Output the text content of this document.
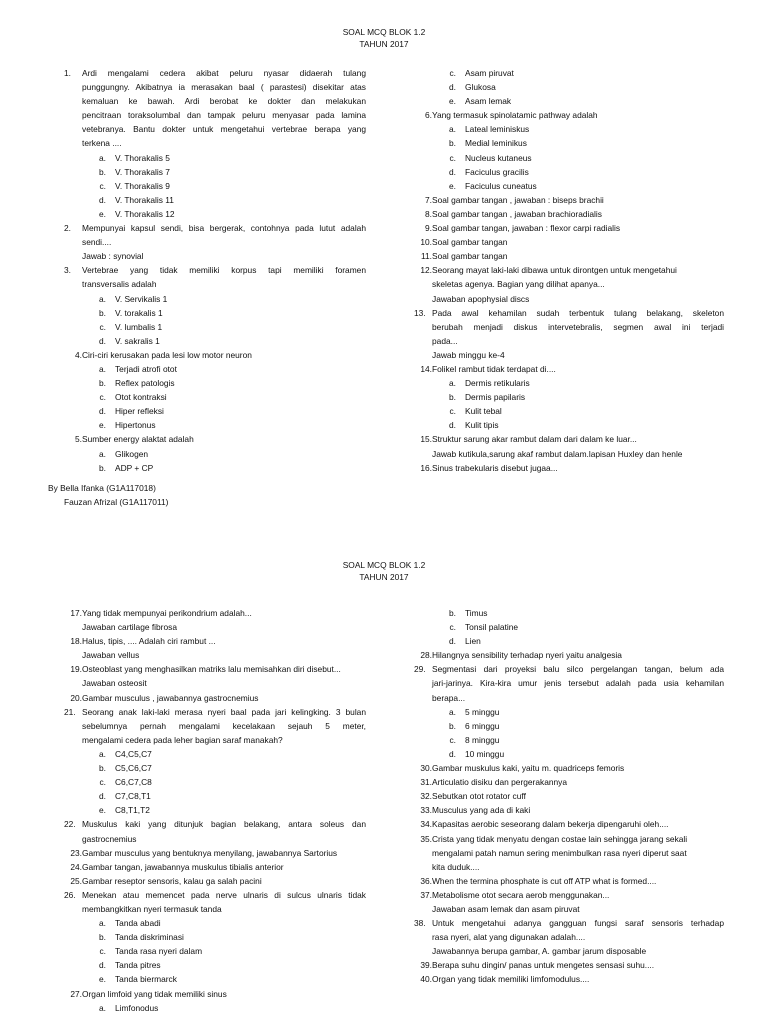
SOAL MCQ BLOK 1.2
TAHUN 2017
1.	Ardi mengalami cedera akibat peluru nyasar didaerah tulang
punggungny. Akibatnya ia merasakan baal ( parastesi) disekitar atas
kemaluan ke bawah. Ardi berobat ke dokter dan melakukan
pencitraan toraksolumbal dan tampak peluru menyasar pada lamina
vetebranya. Bantu dokter untuk mengetahui vertebrae berapa yang
terkena ....
a. V. Thorakalis 5
b. V. Thorakalis 7
c. V. Thorakalis 9
d. V. Thorakalis 11
e. V. Thorakalis 12
2.	Mempunyai kapsul sendi, bisa bergerak, contohnya pada lutut adalah
sendi....
Jawab : synovial
3.	Vertebrae yang tidak memiliki korpus tapi memiliki foramen
transversalis adalah
a. V. Servikalis 1
b. V. torakalis 1
c. V. lumbalis 1
d. V. sakralis 1
4. Ciri-ciri kerusakan pada lesi low motor neuron
a. Terjadi atrofi otot
b. Reflex patologis
c. Otot kontraksi
d. Hiper refleksi
e. Hipertonus
5. Sumber energy alaktat adalah
a. Glikogen
b. ADP + CP
c. Asam piruvat
d. Glukosa
e. Asam lemak
6. Yang termasuk spinolatamic pathway adalah
a. Lateal leminiskus
b. Medial leminikus
c. Nucleus kutaneus
d. Faciculus gracilis
e. Faciculus cuneatus
7. Soal gambar tangan , jawaban : biseps brachii
8. Soal gambar tangan , jawaban brachioradialis
9. Soal gambar tangan, jawaban : flexor carpi radialis
10. Soal gambar tangan
11. Soal gambar tangan
12. Seorang mayat laki-laki dibawa untuk dirontgen untuk mengetahui
skeletas agenya. Bagian yang dilihat apanya...
Jawaban apophysial discs
13. Pada awal kehamilan sudah terbentuk tulang belakang, skeleton
berubah menjadi diskus intervetebralis, segmen awal ini terjadi
pada...
Jawab minggu ke-4
14. Folikel rambut tidak terdapat di....
a. Dermis retikularis
b. Dermis papilaris
c. Kulit tebal
d. Kulit tipis
15. Struktur sarung akar rambut dalam dari dalam ke luar...
Jawab kutikula,sarung akaf rambut dalam.lapisan Huxley dan henle
16. Sinus trabekularis disebut jugaa...
By Bella Ifanka (G1A117018)
Fauzan Afrizal (G1A117011)
SOAL MCQ BLOK 1.2
TAHUN 2017
17. Yang tidak mempunyai perikondrium adalah...
Jawaban cartilage fibrosa
18. Halus, tipis, .... Adalah ciri rambut ...
Jawaban vellus
19. Osteoblast yang menghasilkan matriks lalu memisahkan diri disebut...
Jawaban osteosit
20. Gambar musculus , jawabannya gastrocnemius
21. Seorang anak laki-laki merasa nyeri baal pada jari kelingking. 3 bulan
sebelumnya pernah mengalami kecelakaan sejauh 5 meter,
mengalami cedera pada leher bagian saraf manakah?
a. C4,C5,C7
b. C5,C6,C7
c. C6,C7,C8
d. C7,C8,T1
e. C8,T1,T2
22. Muskulus kaki yang ditunjuk bagian belakang, antara soleus dan
gastrocnemius
23. Gambar musculus yang bentuknya menyilang, jawabannya Sartorius
24. Gambar tangan, jawabannya muskulus tibialis anterior
25. Gambar reseptor sensoris, kalau ga salah pacini
26. Menekan atau memencet pada nerve ulnaris di sulcus ulnaris tidak
membangkitkan nyeri termasuk tanda
a. Tanda abadi
b. Tanda diskriminasi
c. Tanda rasa nyeri dalam
d. Tanda pitres
e. Tanda biermarck
27. Organ limfoid yang tidak memiliki sinus
a. Limfonodus
b. Timus
c. Tonsil palatine
d. Lien
28. Hilangnya sensibility terhadap nyeri yaitu analgesia
29. Segmentasi dari proyeksi balu silco pergelangan tangan, belum ada
jari-jarinya. Kira-kira umur jenis tersebut adalah pada usia kehamilan
berapa...
a. 5 minggu
b. 6 minggu
c. 8 minggu
d. 10 minggu
30. Gambar muskulus kaki, yaitu m. quadriceps femoris
31. Articulatio disiku dan pergerakannya
32. Sebutkan otot rotator cuff
33. Musculus yang ada di kaki
34. Kapasitas aerobic seseorang dalam bekerja dipengaruhi oleh....
35. Crista yang tidak menyatu dengan costae lain sehingga jarang sekali
mengalami patah namun sering menimbulkan rasa nyeri diperut saat
kita duduk....
36. When the termina phosphate is cut off ATP what is formed....
37. Metabolisme otot secara aerob menggunakan...
Jawaban asam lemak dan asam piruvat
38. Untuk mengetahui adanya gangguan fungsi saraf sensoris terhadap
rasa nyeri, alat yang digunakan adalah....
Jawabannya berupa gambar, A. gambar jarum disposable
39. Berapa suhu dingin/ panas untuk mengetes sensasi suhu....
40. Organ yang tidak memiliki limfomodulus....
